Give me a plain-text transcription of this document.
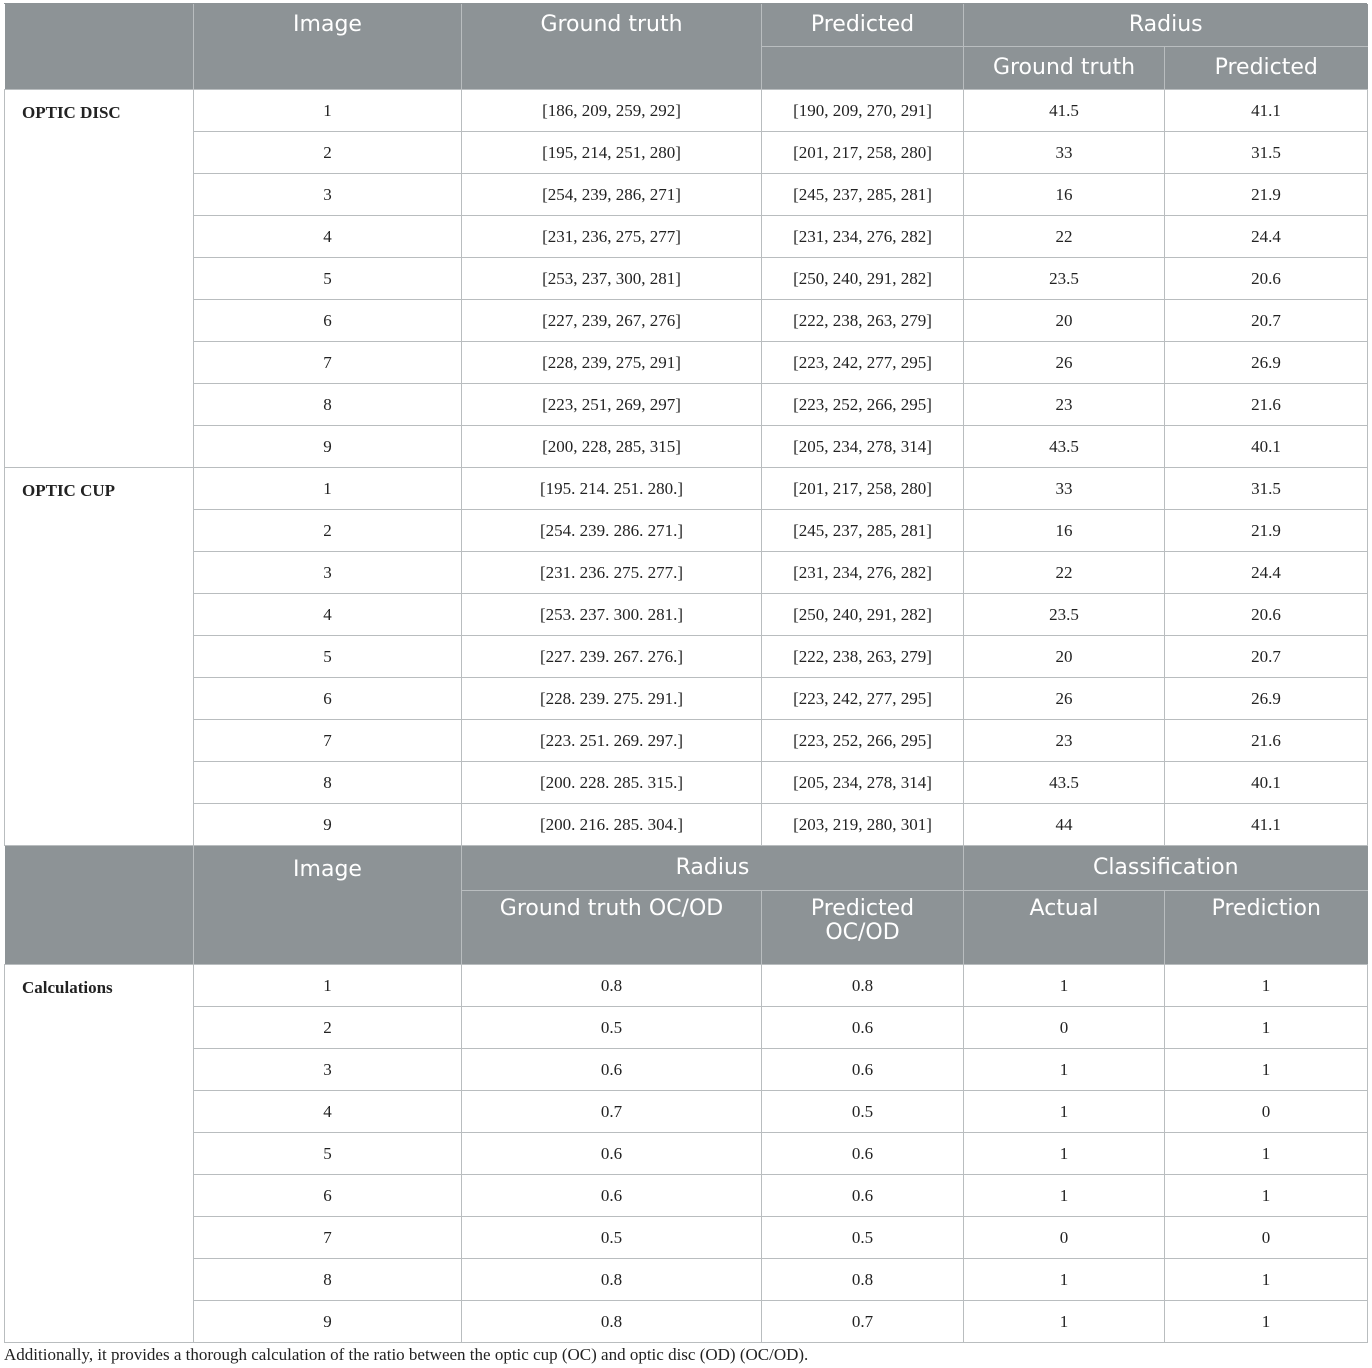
	Image	Ground truth	Predicted	Radius	
				Ground truth	Predicted
OPTIC DISC	1	[186, 209, 259, 292]	[190, 209, 270, 291]	41.5	41.1
	2	[195, 214, 251, 280]	[201, 217, 258, 280]	33	31.5
	3	[254, 239, 286, 271]	[245, 237, 285, 281]	16	21.9
	4	[231, 236, 275, 277]	[231, 234, 276, 282]	22	24.4
	5	[253, 237, 300, 281]	[250, 240, 291, 282]	23.5	20.6
	6	[227, 239, 267, 276]	[222, 238, 263, 279]	20	20.7
	7	[228, 239, 275, 291]	[223, 242, 277, 295]	26	26.9
	8	[223, 251, 269, 297]	[223, 252, 266, 295]	23	21.6
	9	[200, 228, 285, 315]	[205, 234, 278, 314]	43.5	40.1
OPTIC CUP	1	[195. 214. 251. 280.]	[201, 217, 258, 280]	33	31.5
	2	[254. 239. 286. 271.]	[245, 237, 285, 281]	16	21.9
	3	[231. 236. 275. 277.]	[231, 234, 276, 282]	22	24.4
	4	[253. 237. 300. 281.]	[250, 240, 291, 282]	23.5	20.6
	5	[227. 239. 267. 276.]	[222, 238, 263, 279]	20	20.7
	6	[228. 239. 275. 291.]	[223, 242, 277, 295]	26	26.9
	7	[223. 251. 269. 297.]	[223, 252, 266, 295]	23	21.6
	8	[200. 228. 285. 315.]	[205, 234, 278, 314]	43.5	40.1
	9	[200. 216. 285. 304.]	[203, 219, 280, 301]	44	41.1
	Image	Radius		Classification	
		Ground truth OC/OD	Predicted OC/OD	Actual	Prediction
Calculations	1	0.8	0.8	1	1
	2	0.5	0.6	0	1
	3	0.6	0.6	1	1
	4	0.7	0.5	1	0
	5	0.6	0.6	1	1
	6	0.6	0.6	1	1
	7	0.5	0.5	0	0
	8	0.8	0.8	1	1
	9	0.8	0.7	1	1
Additionally, it provides a thorough calculation of the ratio between the optic cup (OC) and optic disc (OD) (OC/OD).
